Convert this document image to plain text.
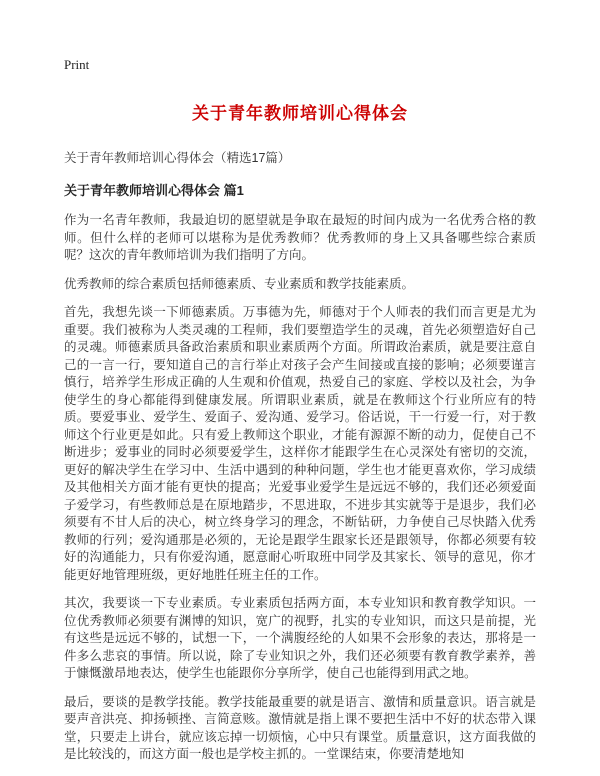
Print
关于青年教师培训心得体会

关于青年教师培训心得体会（精选17篇）

关于青年教师培训心得体会 篇1

作为一名青年教师，我最迫切的愿望就是争取在最短的时间内成为一名优秀合格的教师。但什么样的老师可以堪称为是优秀教师？优秀教师的身上又具备哪些综合素质呢？这次的青年教师培训为我们指明了方向。

优秀教师的综合素质包括师德素质、专业素质和教学技能素质。

首先，我想先谈一下师德素质。万事德为先，师德对于个人师表的我们而言更是尤为重要。我们被称为人类灵魂的工程师，我们要塑造学生的灵魂，首先必须塑造好自己的灵魂。师德素质具备政治素质和职业素质两个方面。所谓政治素质，就是要注意自己的一言一行，要知道自己的言行举止对孩子会产生间接或直接的影响；必须要谨言慎行，培养学生形成正确的人生观和价值观，热爱自己的家庭、学校以及社会，为争使学生的身心都能得到健康发展。所谓职业素质，就是在教师这个行业所应有的特质。要爱事业、爱学生、爱面子、爱沟通、爱学习。俗话说，干一行爱一行，对于教师这个行业更是如此。只有爱上教师这个职业，才能有源源不断的动力，促使自己不断进步；爱事业的同时必须要爱学生，这样你才能跟学生在心灵深处有密切的交流，更好的解决学生在学习中、生活中遇到的种种问题，学生也才能更喜欢你，学习成绩及其他相关方面才能有更快的提高；光爱事业爱学生是远远不够的，我们还必须爱面子爱学习，有些教师总是在原地踏步，不思进取，不进步其实就等于是退步，我们必须要有不甘人后的决心，树立终身学习的理念，不断钻研，力争使自己尽快踏入优秀教师的行列；爱沟通那是必须的，无论是跟学生跟家长还是跟领导，你都必须要有较好的沟通能力，只有你爱沟通，愿意耐心听取班中同学及其家长、领导的意见，你才能更好地管理班级，更好地胜任班主任的工作。

其次，我要谈一下专业素质。专业素质包括两方面，本专业知识和教育教学知识。一位优秀教师必须要有渊博的知识，宽广的视野，扎实的专业知识，而这只是前提，光有这些是远远不够的，试想一下，一个满腹经纶的人如果不会形象的表达，那将是一件多么悲哀的事情。所以说，除了专业知识之外，我们还必须要有教育教学素养，善于慷慨激昂地表达，使学生也能跟你分享所学，使自己也能得到用武之地。

最后，要谈的是教学技能。教学技能最重要的就是语言、激情和质量意识。语言就是要声音洪亮、抑扬顿挫、言简意赅。激情就是指上课不要把生活中不好的状态带入课堂，只要走上讲台，就应该忘掉一切烦恼，心中只有课堂。质量意识，这方面我做的是比较浅的，而这方面一般也是学校主抓的。一堂课结束，你要清楚地知
